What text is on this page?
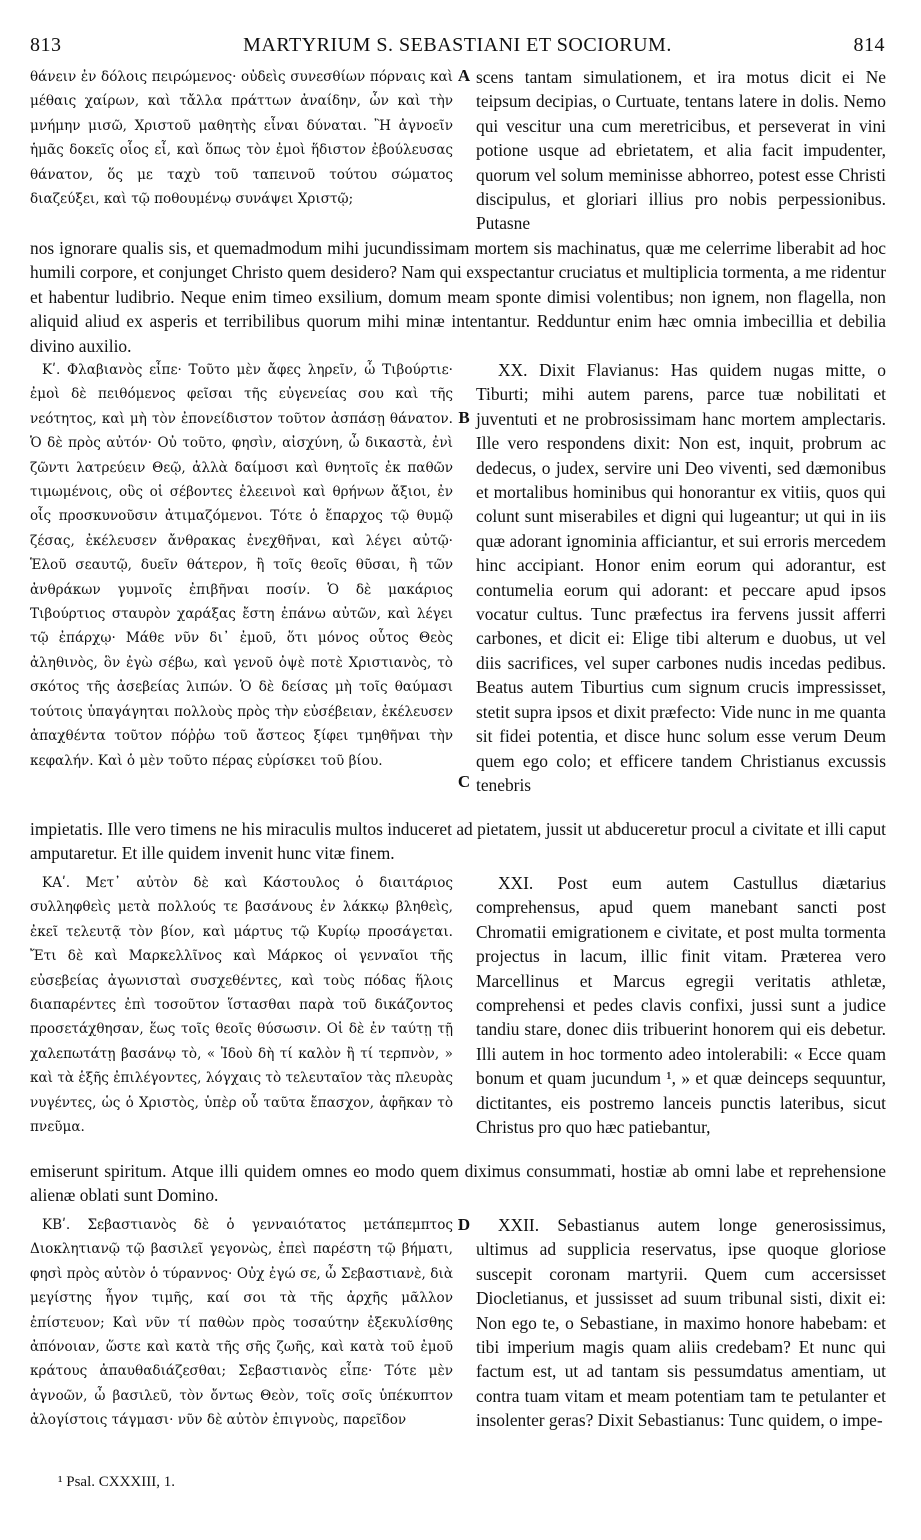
813	MARTYRIUM S. SEBASTIANI ET SOCIORUM.	814

θάνειν ἐν δόλοις πειρώμενος· οὐδεὶς συνεσθίων πόρναις καὶ μέθαις χαίρων, καὶ τἄλλα πράττων ἀναίδην, ὧν καὶ τὴν μνήμην μισῶ, Χριστοῦ μαθητὴς εἶναι δύναται. Ἢ ἀγνοεῖν ἡμᾶς δοκεῖς οἷος εἶ, καὶ ὅπως τὸν ἐμοὶ ἥδιστον ἐβούλευσας θάνατον, ὅς με ταχὺ τοῦ ταπεινοῦ τούτου σώματος διαζεύξει, καὶ τῷ ποθουμένῳ συνάψει Χριστῷ;

A scens tantam simulationem, et ira motus dicit ei Ne teipsum decipias, o Curtuate, tentans latere in dolis. Nemo qui vescitur una cum meretricibus, et perseverat in vini potione usque ad ebrietatem, et alia facit impudenter, quorum vel solum meminisse abhorreo, potest esse Christi discipulus, et gloriari illius pro nobis perpessionibus. Putasne

nos ignorare qualis sis, et quemadmodum mihi jucundissimam mortem sis machinatus, quæ me celerrime liberabit ad hoc humili corpore, et conjunget Christo quem desidero? Nam qui exspectantur cruciatus et multiplicia tormenta, a me ridentur et habentur ludibrio. Neque enim timeo exsilium, domum meam sponte dimisi volentibus; non ignem, non flagella, non aliquid aliud ex asperis et terribilibus quorum mihi minæ intentantur. Redduntur enim hæc omnia imbecillia et debilia divino auxilio.

Κʹ. Φλαβιανὸς εἶπε· Τοῦτο μὲν ἄφες ληρεῖν, ὦ Τιβούρτιε· ἐμοὶ δὲ πειθόμενος φεῖσαι τῆς εὐγενείας σου καὶ τῆς νεότητος, καὶ μὴ τὸν ἐπονείδιστον τοῦτον ἀσπάσῃ θάνατον. Ὁ δὲ πρὸς αὐτόν· Οὐ τοῦτο, φησὶν, αἰσχύνη, ὦ δικαστὰ, ἐνὶ ζῶντι λατρεύειν Θεῷ, ἀλλὰ δαίμοσι καὶ θνητοῖς ἐκ παθῶν τιμωμένοις, οὓς οἱ σέβοντες ἐλεεινοὶ καὶ θρήνων ἄξιοι, ἐν οἷς προσκυνοῦσιν ἀτιμαζόμενοι. Τότε ὁ ἔπαρχος τῷ θυμῷ ζέσας, ἐκέλευσεν ἄνθρακας ἐνεχθῆναι, καὶ λέγει αὐτῷ· Ἑλοῦ σεαυτῷ, δυεῖν θάτερον, ἢ τοῖς θεοῖς θῦσαι, ἢ τῶν ἀνθράκων γυμνοῖς ἐπιβῆναι ποσίν. Ὁ δὲ μακάριος Τιβούρτιος σταυρὸν χαράξας ἔστη ἐπάνω αὐτῶν, καὶ λέγει τῷ ἐπάρχῳ· Μάθε νῦν δι᾽ ἐμοῦ, ὅτι μόνος οὗτος Θεὸς ἀληθινὸς, ὃν ἐγὼ σέβω, καὶ γενοῦ ὀψὲ ποτὲ Χριστιανὸς, τὸ σκότος τῆς ἀσεβείας λιπών. Ὁ δὲ δείσας μὴ τοῖς θαύμασι τούτοις ὑπαγάγηται πολλοὺς πρὸς τὴν εὐσέβειαν, ἐκέλευσεν ἀπαχθέντα τοῦτον πόῤῥω τοῦ ἄστεος ξίφει τμηθῆναι τὴν κεφαλήν. Καὶ ὁ μὲν τοῦτο πέρας εὑρίσκει τοῦ βίου.

B
C

XX. Dixit Flavianus: Has quidem nugas mitte, o Tiburti; mihi autem parens, parce tuæ nobilitati et juventuti et ne probrosissimam hanc mortem amplectaris. Ille vero respondens dixit: Non est, inquit, probrum ac dedecus, o judex, servire uni Deo viventi, sed dæmonibus et mortalibus hominibus qui honorantur ex vitiis, quos qui colunt sunt miserabiles et digni qui lugeantur; ut qui in iis quæ adorant ignominia afficiantur, et sui erroris mercedem hinc accipiant. Honor enim eorum qui adorantur, est contumelia eorum qui adorant: et peccare apud ipsos vocatur cultus. Tunc præfectus ira fervens jussit afferri carbones, et dicit ei: Elige tibi alterum e duobus, ut vel diis sacrifices, vel super carbones nudis incedas pedibus. Beatus autem Tiburtius cum signum crucis impressisset, stetit supra ipsos et dixit præfecto: Vide nunc in me quanta sit fidei potentia, et disce hunc solum esse verum Deum quem ego colo; et efficere tandem Christianus excussis tenebris

impietatis. Ille vero timens ne his miraculis multos induceret ad pietatem, jussit ut abduceretur procul a civitate et illi caput amputaretur. Et ille quidem invenit hunc vitæ finem.

ΚΑʹ. Μετ᾽ αὐτὸν δὲ καὶ Κάστουλος ὁ διαιτάριος συλληφθεὶς μετὰ πολλούς τε βασάνους ἐν λάκκῳ βληθεὶς, ἐκεῖ τελευτᾷ τὸν βίον, καὶ μάρτυς τῷ Κυρίῳ προσάγεται. Ἔτι δὲ καὶ Μαρκελλῖνος καὶ Μάρκος οἱ γενναῖοι τῆς εὐσεβείας ἀγωνισταὶ συσχεθέντες, καὶ τοὺς πόδας ἥλοις διαπαρέντες ἐπὶ τοσοῦτον ἵστασθαι παρὰ τοῦ δικάζοντος προσετάχθησαν, ἕως τοῖς θεοῖς θύσωσιν. Οἱ δὲ ἐν ταύτῃ τῇ χαλεπωτάτῃ βασάνῳ τὸ, « Ἰδοὺ δὴ τί καλὸν ἢ τί τερπνὸν, » καὶ τὰ ἑξῆς ἐπιλέγοντες, λόγχαις τὸ τελευταῖον τὰς πλευρὰς νυγέντες, ὡς ὁ Χριστὸς, ὑπὲρ οὗ ταῦτα ἔπασχον, ἀφῆκαν τὸ πνεῦμα.

XXI. Post eum autem Castullus diætarius comprehensus, apud quem manebant sancti post Chromatii emigrationem e civitate, et post multa tormenta projectus in lacum, illic finit vitam. Præterea vero Marcellinus et Marcus egregii veritatis athletæ, comprehensi et pedes clavis confixi, jussi sunt a judice tandiu stare, donec diis tribuerint honorem qui eis debetur. Illi autem in hoc tormento adeo intolerabili: « Ecce quam bonum et quam jucundum ¹, » et quæ deinceps sequuntur, dictitantes, eis postremo lanceis punctis lateribus, sicut Christus pro quo hæc patiebantur,

emiserunt spiritum. Atque illi quidem omnes eo modo quem diximus consummati, hostiæ ab omni labe et reprehensione alienæ oblati sunt Domino.

D

ΚΒʹ. Σεβαστιανὸς δὲ ὁ γενναιότατος μετάπεμπτος Διοκλητιανῷ τῷ βασιλεῖ γεγονὼς, ἐπεὶ παρέστη τῷ βήματι, φησὶ πρὸς αὐτὸν ὁ τύραννος· Οὐχ ἐγώ σε, ὦ Σεβαστιανὲ, διὰ μεγίστης ἦγον τιμῆς, καί σοι τὰ τῆς ἀρχῆς μᾶλλον ἐπίστευον; Καὶ νῦν τί παθὼν πρὸς τοσαύτην ἐξεκυλίσθης ἀπόνοιαν, ὥστε καὶ κατὰ τῆς σῆς ζωῆς, καὶ κατὰ τοῦ ἐμοῦ κράτους ἀπαυθαδιάζεσθαι; Σεβαστιανὸς εἶπε· Τότε μὲν ἀγνοῶν, ὦ βασιλεῦ, τὸν ὄντως Θεὸν, τοῖς σοῖς ὑπέκυπτον ἀλογίστοις τάγμασι· νῦν δὲ αὐτὸν ἐπιγνοὺς, παρεῖδον

XXII. Sebastianus autem longe generosissimus, ultimus ad supplicia reservatus, ipse quoque gloriose suscepit coronam martyrii. Quem cum accersisset Diocletianus, et jussisset ad suum tribunal sisti, dixit ei: Non ego te, o Sebastiane, in maximo honore habebam: et tibi imperium magis quam aliis credebam? Et nunc qui factum est, ut ad tantam sis pessumdatus amentiam, ut contra tuam vitam et meam potentiam tam te petulanter et insolenter geras? Dixit Sebastianus: Tunc quidem, o impe-

¹ Psal. CXXXIII, 1.
